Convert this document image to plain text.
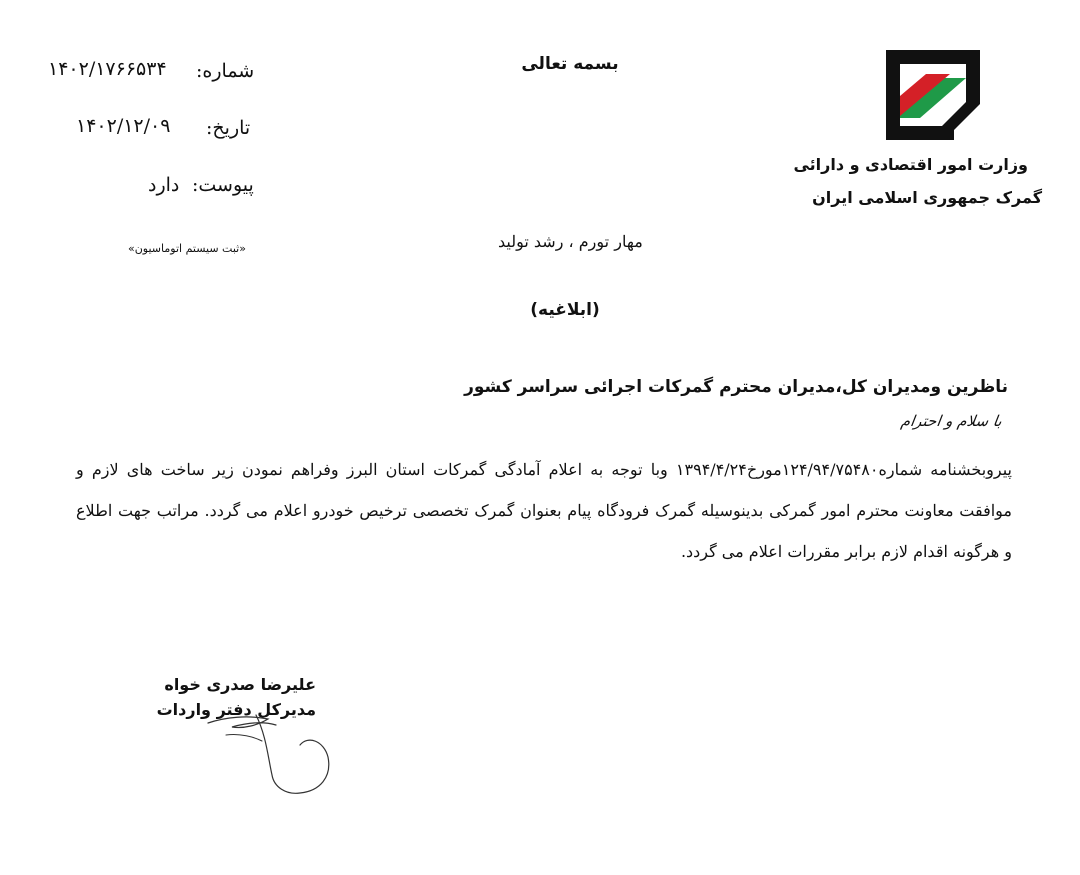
بسمه تعالی
وزارت امور اقتصادی و دارائی
گمرک جمهوری اسلامی ایران
شماره:
۱۴۰۲/۱۷۶۶۵۳۴
تاریخ:
۱۴۰۲/۱۲/۰۹
پیوست:
دارد
«ثبت سیستم اتوماسیون»	مهار تورم ، رشد تولید
(ابلاغیه)
ناظرین ومدیران کل،مدیران محترم گمرکات اجرائی سراسر کشور
با سلام و احترام

پیروبخشنامه شماره۱۲۴/۹۴/۷۵۴۸۰مورخ۱۳۹۴/۴/۲۴ وبا توجه به اعلام آمادگی گمرکات استان البرز وفراهم نمودن زیر ساخت های لازم و موافقت معاونت محترم امور گمرکی بدینوسیله گمرک فرودگاه پیام بعنوان گمرک تخصصی ترخیص خودرو اعلام می گردد. مراتب جهت اطلاع و هرگونه اقدام لازم برابر مقررات اعلام می گردد.

علیرضا صدری خواه
مدیرکل دفتر واردات
